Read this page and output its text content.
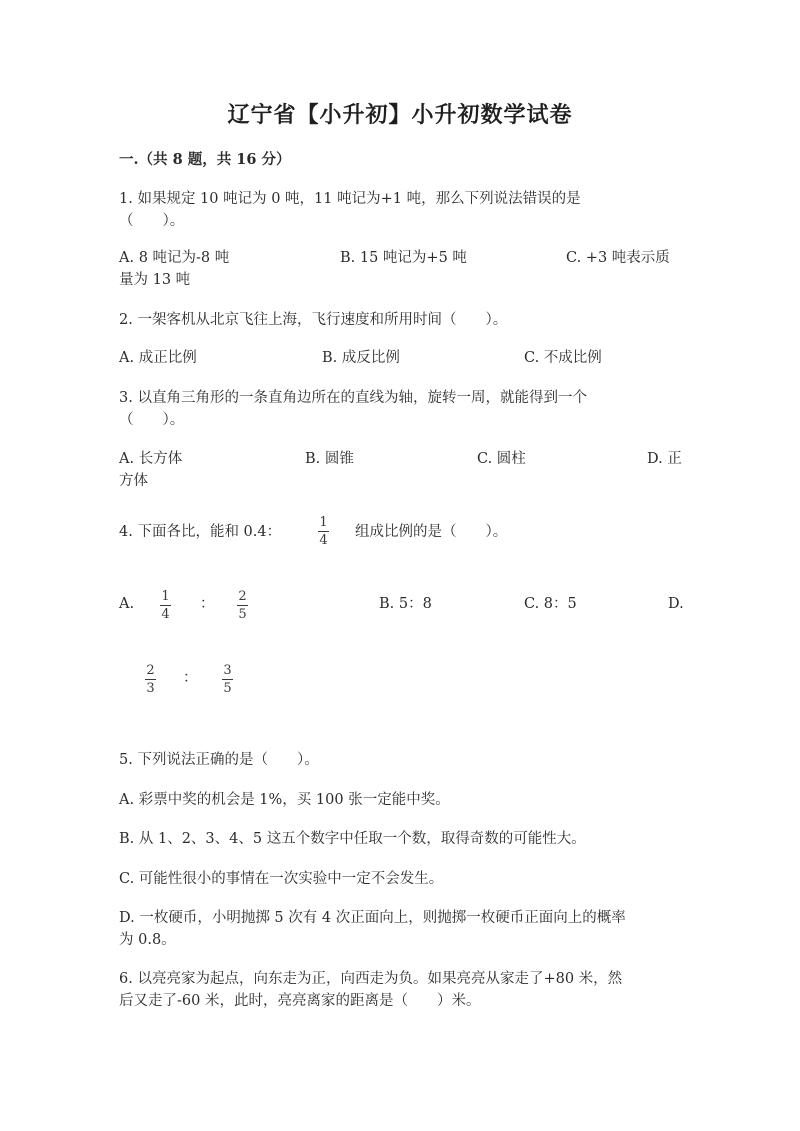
辽宁省【小升初】小升初数学试卷
一.（共 8 题，共 16 分）
1. 如果规定 10 吨记为 0 吨，11 吨记为+1 吨，那么下列说法错误的是
（　　）。
A. 8 吨记为-8 吨	B. 15 吨记为+5 吨	C. +3 吨表示质
量为 13 吨
2. 一架客机从北京飞往上海，飞行速度和所用时间（　　）。
A. 成正比例	B. 成反比例	C. 不成比例
3. 以直角三角形的一条直角边所在的直线为轴，旋转一周，就能得到一个
（　　）。
A. 长方体	B. 圆锥	C. 圆柱	D. 正
方体
4. 下面各比，能和 0.4：
1
4
组成比例的是（　　）。
A. 1
4
： 2
5
B. 5：8	C. 8：5	D.
2
3
： 3
5
5. 下列说法正确的是（　　）。
A. 彩票中奖的机会是 1%，买 100 张一定能中奖。
B. 从 1、2、3、4、5 这五个数字中任取一个数，取得奇数的可能性大。
C. 可能性很小的事情在一次实验中一定不会发生。
D. 一枚硬币，小明抛掷 5 次有 4 次正面向上，则抛掷一枚硬币正面向上的概率
为 0.8。
6. 以亮亮家为起点，向东走为正，向西走为负。如果亮亮从家走了+80 米，然
后又走了-60 米，此时，亮亮离家的距离是（　　）米。
